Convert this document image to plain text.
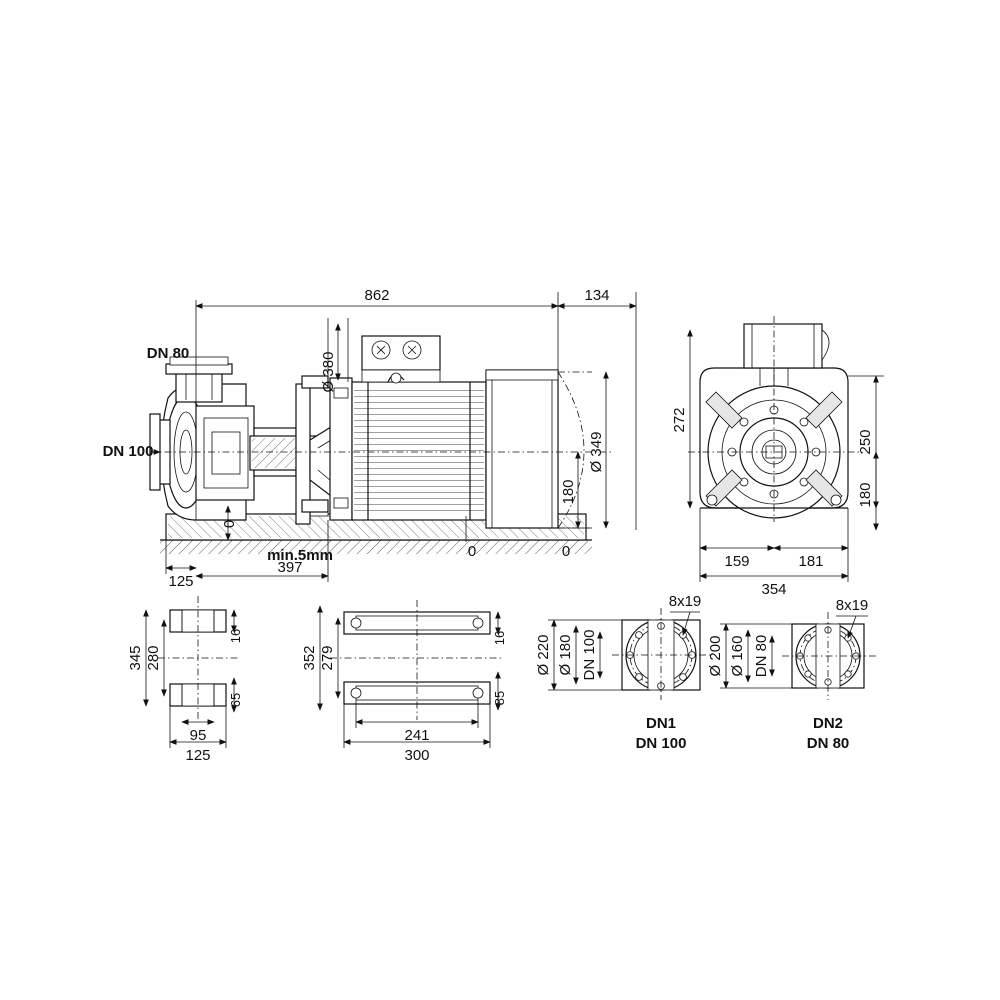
862	134
Ø 380
Ø 349
180
125
397
min.5mm
0
0	0
DN 80
DN 100
272
250
180
159	181
354
345 280
16
65
95
125
352 279
16
85
241
300
8x19
Ø 220 Ø 180 DN 100
DN1
DN 100
8x19
Ø 200 Ø 160 DN 80
DN2
DN 80
